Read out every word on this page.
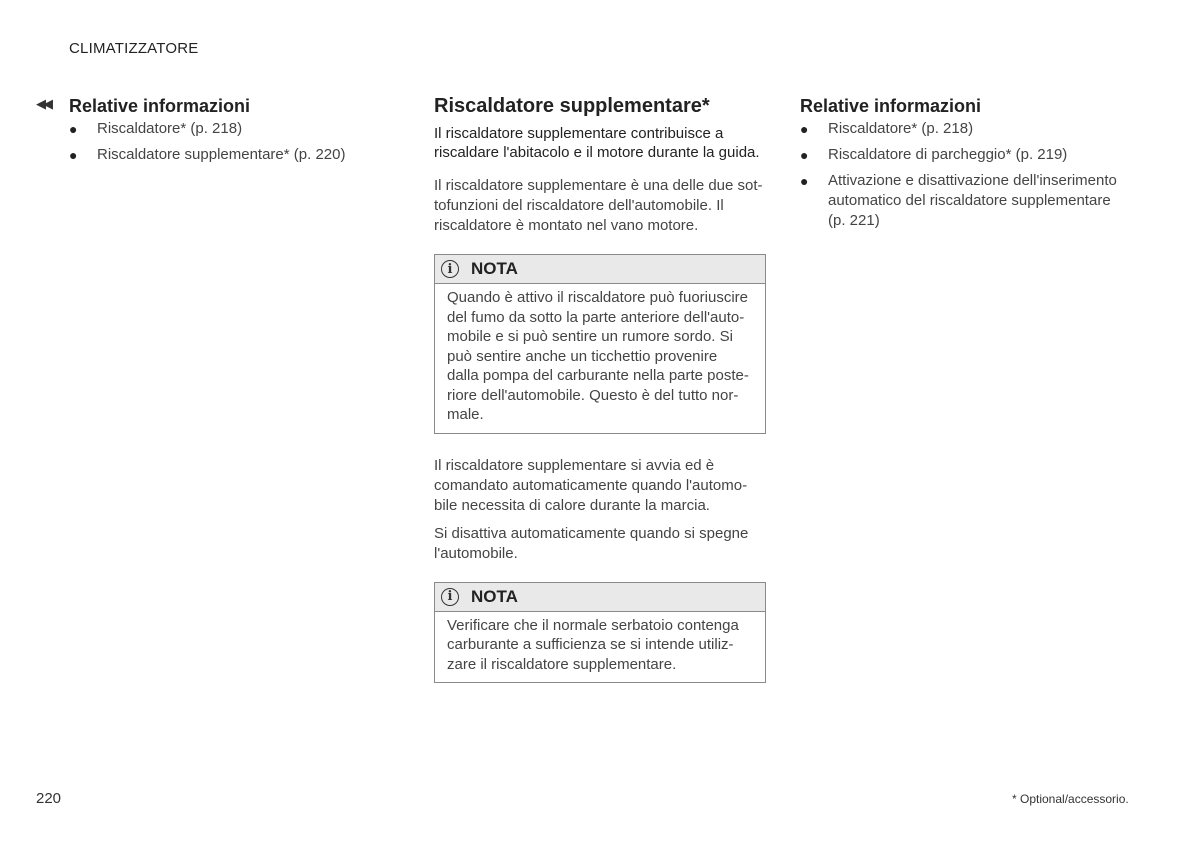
CLIMATIZZATORE
◀◀ Relative informazioni
● Riscaldatore* (p. 218)
● Riscaldatore supplementare* (p. 220)
Riscaldatore supplementare*
Il riscaldatore supplementare contribuisce a riscaldare l'abitacolo e il motore durante la guida.
Il riscaldatore supplementare è una delle due sot-tofunzioni del riscaldatore dell'automobile. Il riscaldatore è montato nel vano motore.
i	NOTA
Quando è attivo il riscaldatore può fuoriuscire del fumo da sotto la parte anteriore dell'auto-mobile e si può sentire un rumore sordo. Si può sentire anche un ticchettio provenire dalla pompa del carburante nella parte poste-riore dell'automobile. Questo è del tutto nor-male.
Il riscaldatore supplementare si avvia ed è comandato automaticamente quando l'automo-bile necessita di calore durante la marcia.
Si disattiva automaticamente quando si spegne l'automobile.
i	NOTA
Verificare che il normale serbatoio contenga carburante a sufficienza se si intende utiliz-zare il riscaldatore supplementare.
Relative informazioni
● Riscaldatore* (p. 218)
● Riscaldatore di parcheggio* (p. 219)
● Attivazione e disattivazione dell'inserimento automatico del riscaldatore supplementare (p. 221)
220	* Optional/accessorio.
